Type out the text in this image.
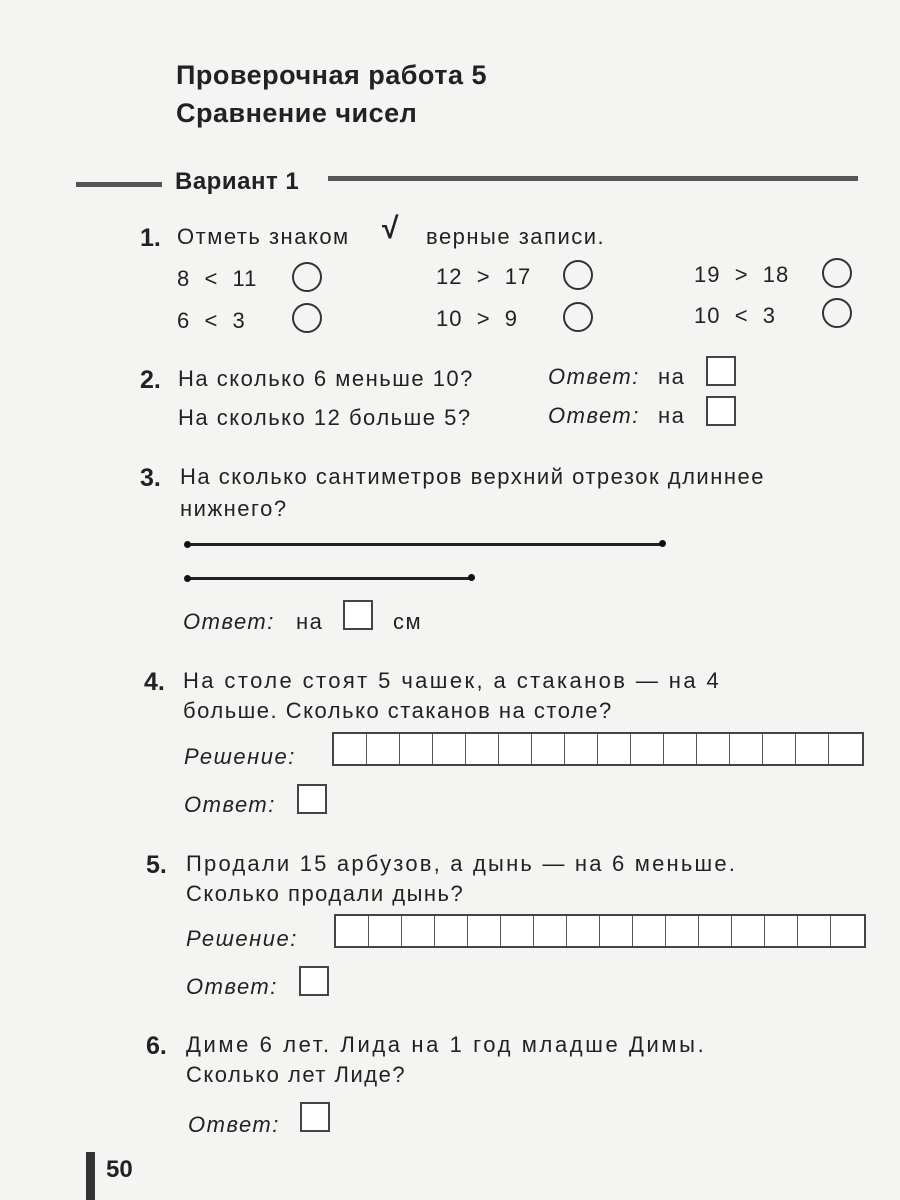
Проверочная работа 5
Сравнение чисел
Вариант 1
1. Отметь знаком √ верные записи.
8  <  11	12  >  17	19  >  18
6  <  3	10  >  9	10  <  3
2. На сколько 6 меньше 10?	Ответ: на
На сколько 12 больше 5?	Ответ: на
3. На сколько сантиметров верхний отрезок длиннее
нижнего?
Ответ: на	см
4. На столе стоят 5 чашек, а стаканов — на 4
больше. Сколько стаканов на столе?
Решение:
Ответ:
5. Продали 15 арбузов, а дынь — на 6 меньше.
Сколько продали дынь?
Решение:
Ответ:
6. Диме 6 лет. Лида на 1 год младше Димы.
Сколько лет Лиде?
Ответ:
50
